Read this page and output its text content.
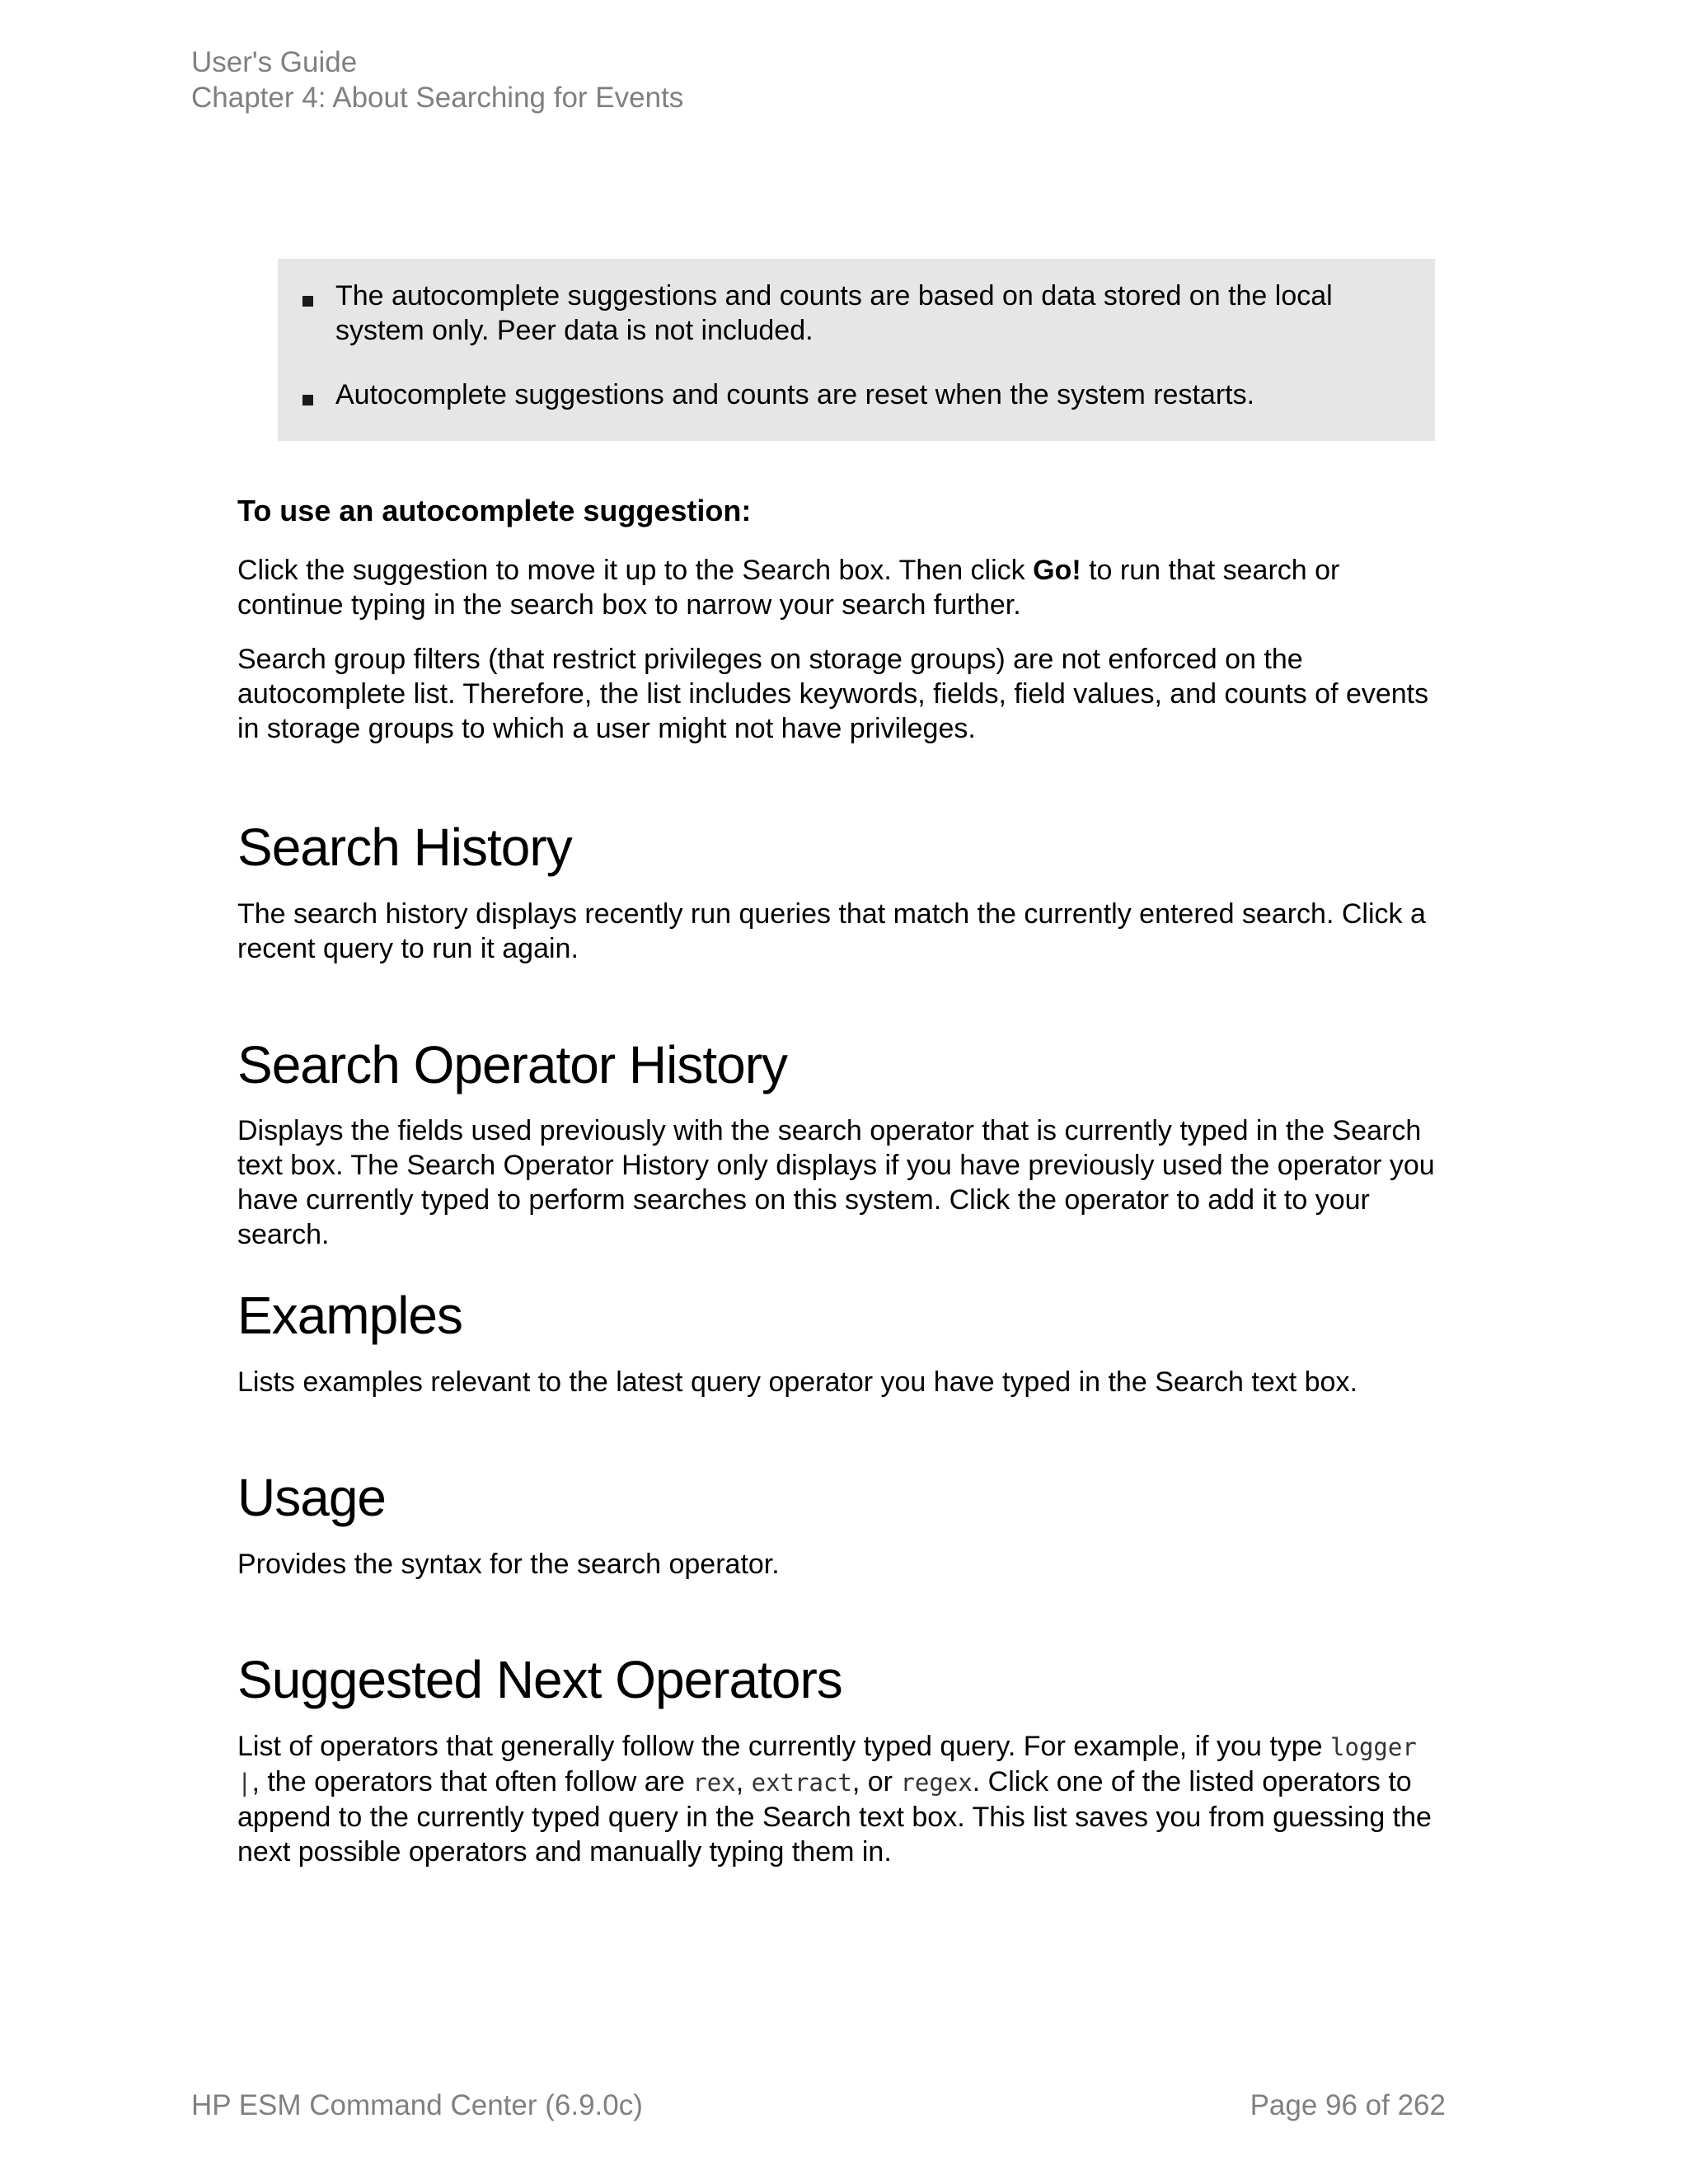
User's Guide
Chapter 4: About Searching for Events
The autocomplete suggestions and counts are based on data stored on the local system only. Peer data is not included.
Autocomplete suggestions and counts are reset when the system restarts.
To use an autocomplete suggestion:

Click the suggestion to move it up to the Search box. Then click Go! to run that search or continue typing in the search box to narrow your search further.

Search group filters (that restrict privileges on storage groups) are not enforced on the autocomplete list. Therefore, the list includes keywords, fields, field values, and counts of events in storage groups to which a user might not have privileges.

Search History

The search history displays recently run queries that match the currently entered search. Click a recent query to run it again.

Search Operator History

Displays the fields used previously with the search operator that is currently typed in the Search text box. The Search Operator History only displays if you have previously used the operator you have currently typed to perform searches on this system. Click the operator to add it to your search.

Examples

Lists examples relevant to the latest query operator you have typed in the Search text box.

Usage

Provides the syntax for the search operator.

Suggested Next Operators

List of operators that generally follow the currently typed query. For example, if you type logger |, the operators that often follow are rex, extract, or regex. Click one of the listed operators to append to the currently typed query in the Search text box. This list saves you from guessing the next possible operators and manually typing them in.

HP ESM Command Center (6.9.0c)	Page 96 of 262
